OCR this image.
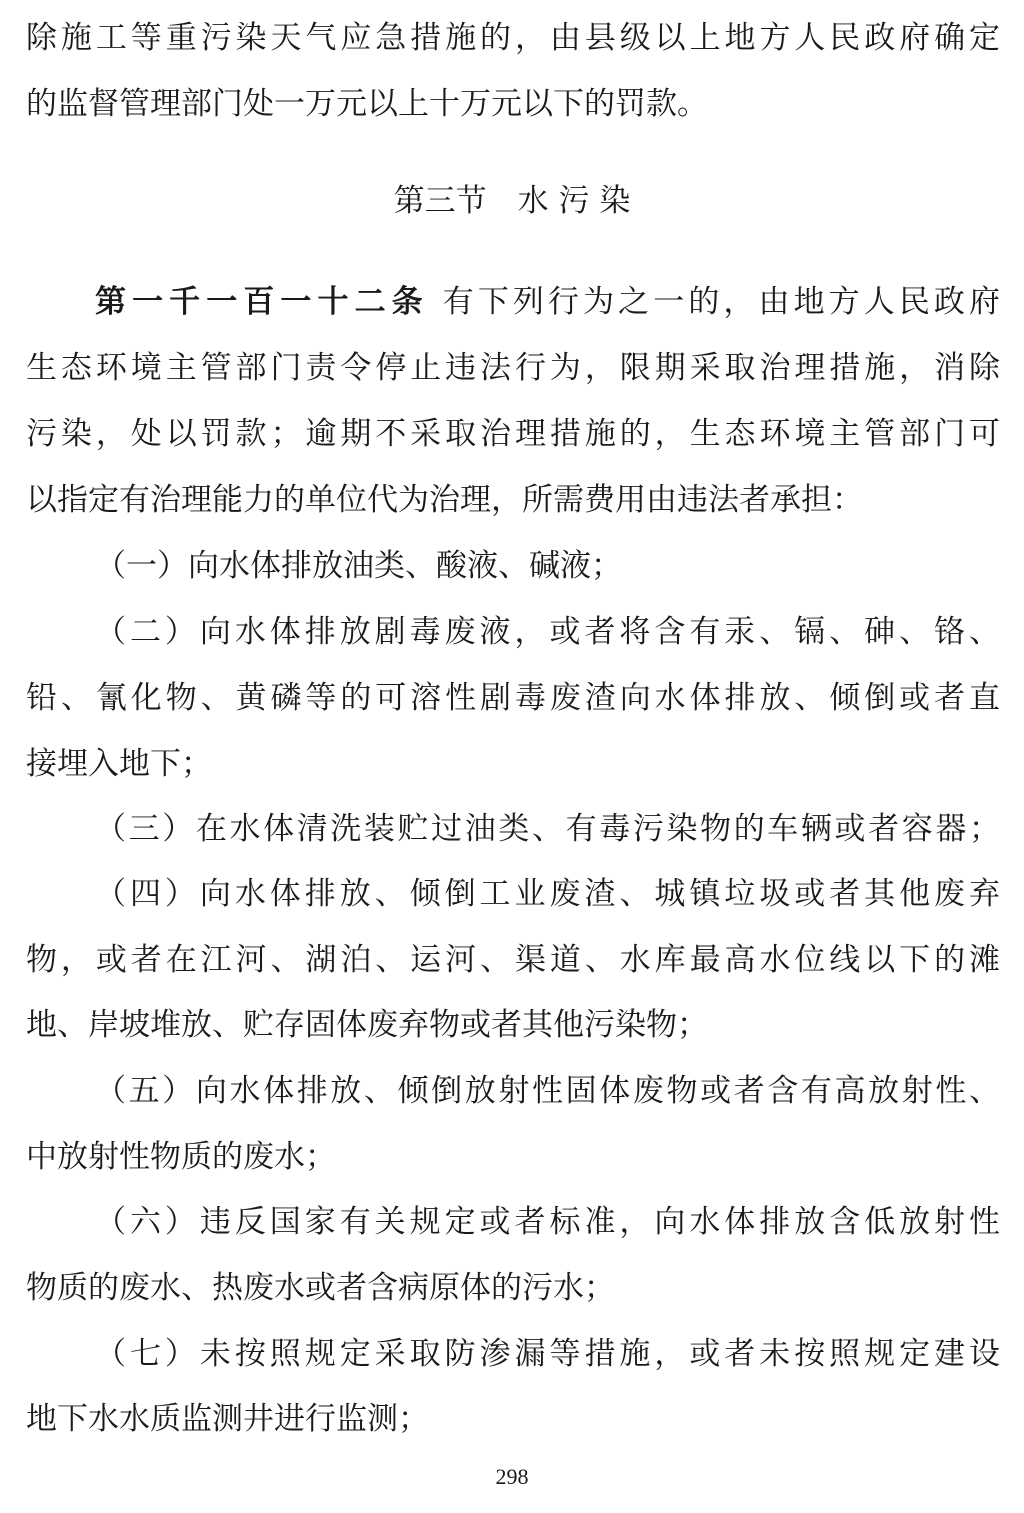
除施工等重污染天气应急措施的，由县级以上地方人民政府确定
的监督管理部门处一万元以上十万元以下的罚款。
第三节　水 污 染
第一千一百一十二条 有下列行为之一的，由地方人民政府
生态环境主管部门责令停止违法行为，限期采取治理措施，消除
污染，处以罚款；逾期不采取治理措施的，生态环境主管部门可
以指定有治理能力的单位代为治理，所需费用由违法者承担：
（一）向水体排放油类、酸液、碱液；
（二）向水体排放剧毒废液，或者将含有汞、镉、砷、铬、
铅、氰化物、黄磷等的可溶性剧毒废渣向水体排放、倾倒或者直
接埋入地下；
（三）在水体清洗装贮过油类、有毒污染物的车辆或者容器；
（四）向水体排放、倾倒工业废渣、城镇垃圾或者其他废弃
物，或者在江河、湖泊、运河、渠道、水库最高水位线以下的滩
地、岸坡堆放、贮存固体废弃物或者其他污染物；
（五）向水体排放、倾倒放射性固体废物或者含有高放射性、
中放射性物质的废水；
（六）违反国家有关规定或者标准，向水体排放含低放射性
物质的废水、热废水或者含病原体的污水；
（七）未按照规定采取防渗漏等措施，或者未按照规定建设
地下水水质监测井进行监测；
298
